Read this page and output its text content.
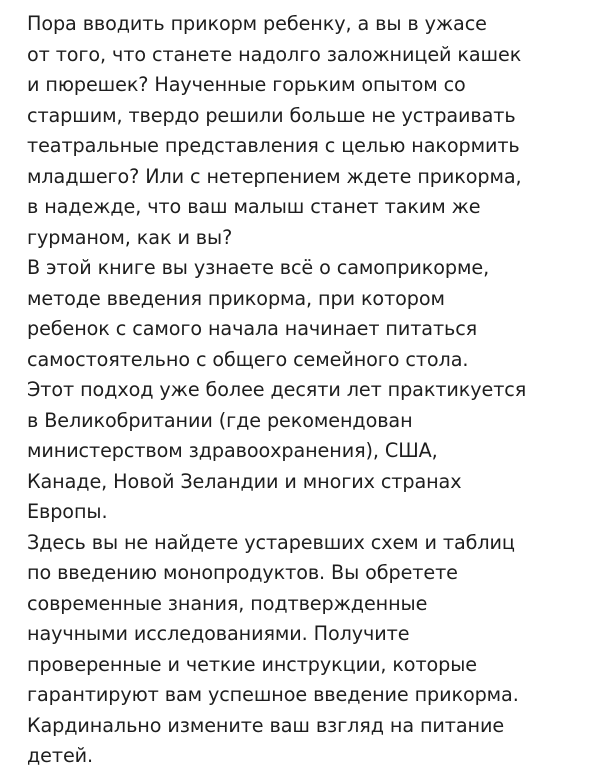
Пора вводить прикорм ребенку, а вы в ужасе
от того, что станете надолго заложницей кашек
и пюрешек? Наученные горьким опытом со
старшим, твердо решили больше не устраивать
театральные представления с целью накормить
младшего? Или с нетерпением ждете прикорма,
в надежде, что ваш малыш станет таким же
гурманом, как и вы?
В этой книге вы узнаете всё о самоприкорме,
методе введения прикорма, при котором
ребенок с самого начала начинает питаться
самостоятельно с общего семейного стола.
Этот подход уже более десяти лет практикуется
в Великобритании (где рекомендован
министерством здравоохранения), США,
Канаде, Новой Зеландии и многих странах
Европы.
Здесь вы не найдете устаревших схем и таблиц
по введению монопродуктов. Вы обретете
современные знания, подтвержденные
научными исследованиями. Получите
проверенные и четкие инструкции, которые
гарантируют вам успешное введение прикорма.
Кардинально измените ваш взгляд на питание
детей.
